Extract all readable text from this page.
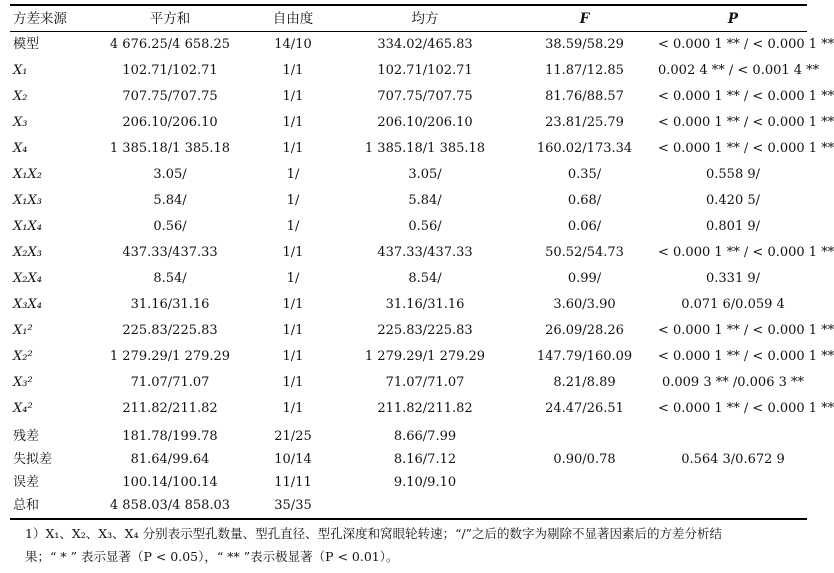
方差来源	平方和	自由度	均方	F	P
模型	4 676.25/4 658.25	14/10	334.02/465.83	38.59/58.29	< 0.000 1 ** / < 0.000 1 **
X₁	102.71/102.71	1/1	102.71/102.71	11.87/12.85	0.002 4 ** / < 0.001 4 **
X₂	707.75/707.75	1/1	707.75/707.75	81.76/88.57	< 0.000 1 ** / < 0.000 1 **
X₃	206.10/206.10	1/1	206.10/206.10	23.81/25.79	< 0.000 1 ** / < 0.000 1 **
X₄	1 385.18/1 385.18	1/1	1 385.18/1 385.18	160.02/173.34	< 0.000 1 ** / < 0.000 1 **
X₁X₂	3.05/	1/	3.05/	0.35/	0.558 9/
X₁X₃	5.84/	1/	5.84/	0.68/	0.420 5/
X₁X₄	0.56/	1/	0.56/	0.06/	0.801 9/
X₂X₃	437.33/437.33	1/1	437.33/437.33	50.52/54.73	< 0.000 1 ** / < 0.000 1 **
X₂X₄	8.54/	1/	8.54/	0.99/	0.331 9/
X₃X₄	31.16/31.16	1/1	31.16/31.16	3.60/3.90	0.071 6/0.059 4
X₁²	225.83/225.83	1/1	225.83/225.83	26.09/28.26	< 0.000 1 ** / < 0.000 1 **
X₂²	1 279.29/1 279.29	1/1	1 279.29/1 279.29	147.79/160.09	< 0.000 1 ** / < 0.000 1 **
X₃²	71.07/71.07	1/1	71.07/71.07	8.21/8.89	0.009 3 ** /0.006 3 **
X₄²	211.82/211.82	1/1	211.82/211.82	24.47/26.51	< 0.000 1 ** / < 0.000 1 **
残差	181.78/199.78	21/25	8.66/7.99
失拟差	81.64/99.64	10/14	8.16/7.12	0.90/0.78	0.564 3/0.672 9
误差	100.14/100.14	11/11	9.10/9.10
总和	4 858.03/4 858.03	35/35
1）X₁、X₂、X₃、X₄ 分别表示型孔数量、型孔直径、型孔深度和窝眼轮转速；“/”之后的数字为剔除不显著因素后的方差分析结
果；“ * ” 表示显著（P < 0.05），“ ** ”表示极显著（P < 0.01）。
